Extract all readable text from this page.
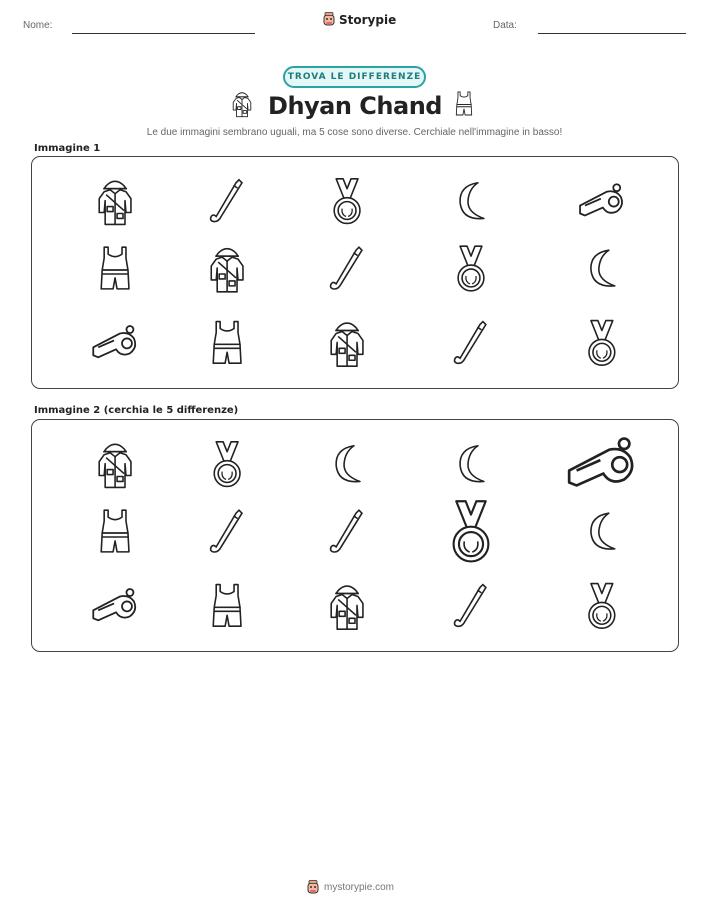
Nome:	Storypie	Data:
TROVA LE DIFFERENZE
Dhyan Chand
Le due immagini sembrano uguali, ma 5 cose sono diverse. Cerchiale nell'immagine in basso!
Immagine 1
Immagine 2 (cerchia le 5 differenze)
mystorypie.com
